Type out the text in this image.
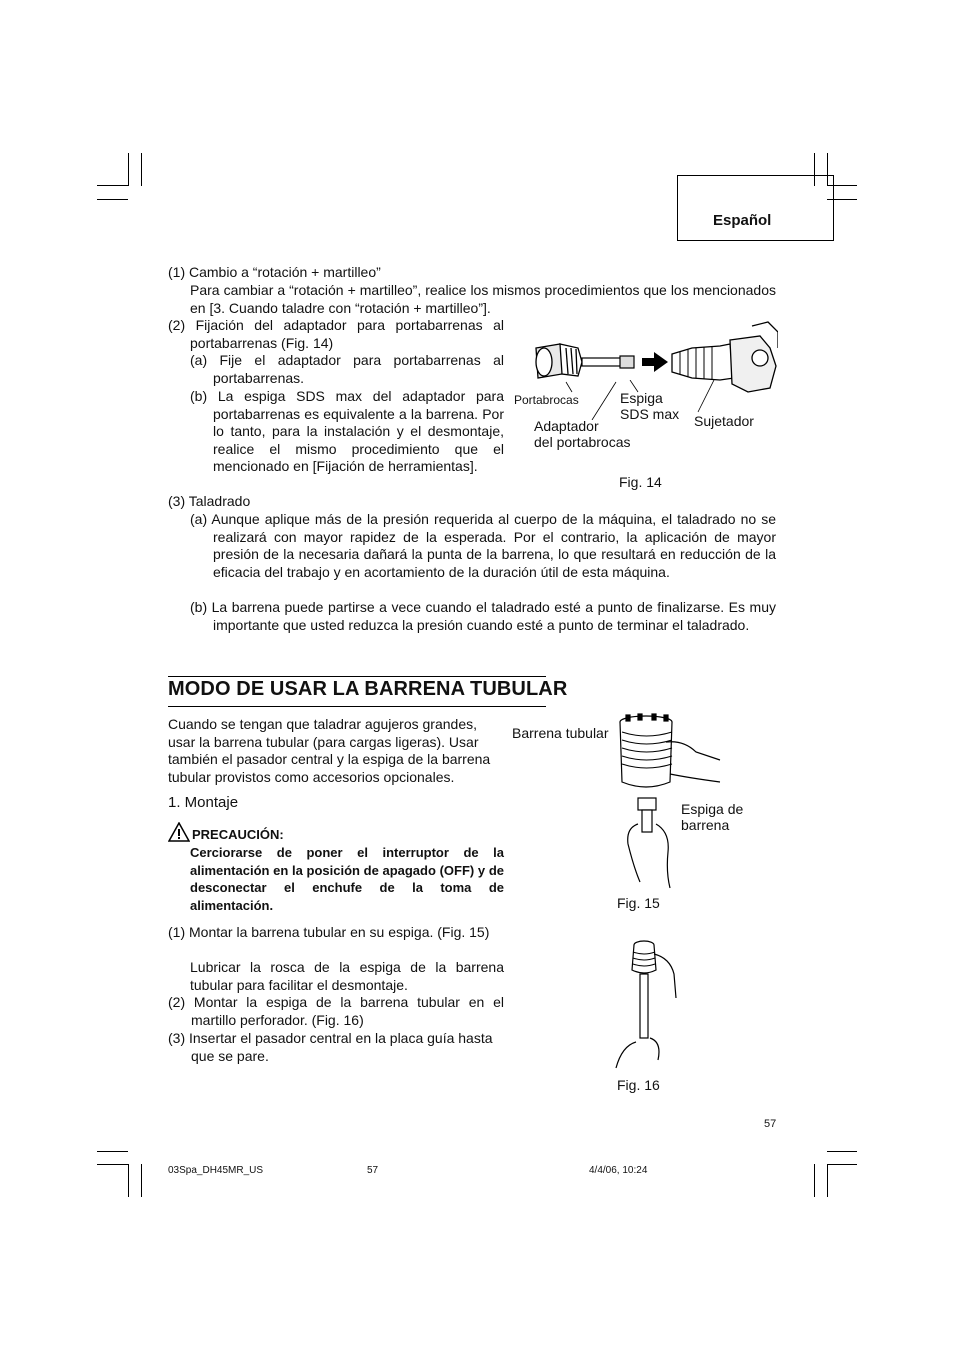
Español
(1) Cambio a “rotación + martilleo”
Para cambiar a “rotación + martilleo”, realice los mismos procedimientos que los mencionados en [3. Cuando taladre con “rotación + martilleo”].
(2) Fijación del adaptador para portabarrenas al
portabarrenas (Fig. 14)
(a) Fije el adaptador para portabarrenas al portabarrenas.
(b) La espiga SDS max del adaptador para portabarrenas es equivalente a la barrena. Por lo tanto, para la instalación y el desmontaje, realice el mismo procedimiento que el mencionado en [Fijación de herramientas].
(3) Taladrado
(a) Aunque aplique más de la presión requerida al cuerpo de la máquina, el taladrado no se realizará con mayor rapidez de la esperada. Por el contrario, la aplicación de mayor presión de la necesaria dañará la punta de la barrena, lo que resultará en reducción de la eficacia del trabajo y en acortamiento de la duración útil de esta máquina.
(b) La barrena puede partirse a vece cuando el taladrado esté a punto de finalizarse. Es muy importante que usted reduzca la presión cuando esté a punto de terminar el taladrado.
Portabrocas	Espiga
SDS max Sujetador
Adaptador
del portabrocas
Fig. 14
MODO DE USAR LA BARRENA TUBULAR
Cuando se tengan que taladrar agujeros grandes, usar la barrena tubular (para cargas ligeras). Usar también el pasador central y la espiga de la barrena tubular provistos como accesorios opcionales.
1. Montaje
PRECAUCIÓN:
Cerciorarse de poner el interruptor de la alimentación en la posición de apagado (OFF) y de desconectar el enchufe de la toma de alimentación.
(1) Montar la barrena tubular en su espiga. (Fig. 15)
Lubricar la rosca de la espiga de la barrena tubular para facilitar el desmontaje.
(2) Montar la espiga de la barrena tubular en el martillo perforador. (Fig. 16)
(3) Insertar el pasador central en la placa guía hasta que se pare.
Barrena tubular
Espiga de
barrena
Fig. 15
Fig. 16
57
03Spa_DH45MR_US	57	4/4/06, 10:24
